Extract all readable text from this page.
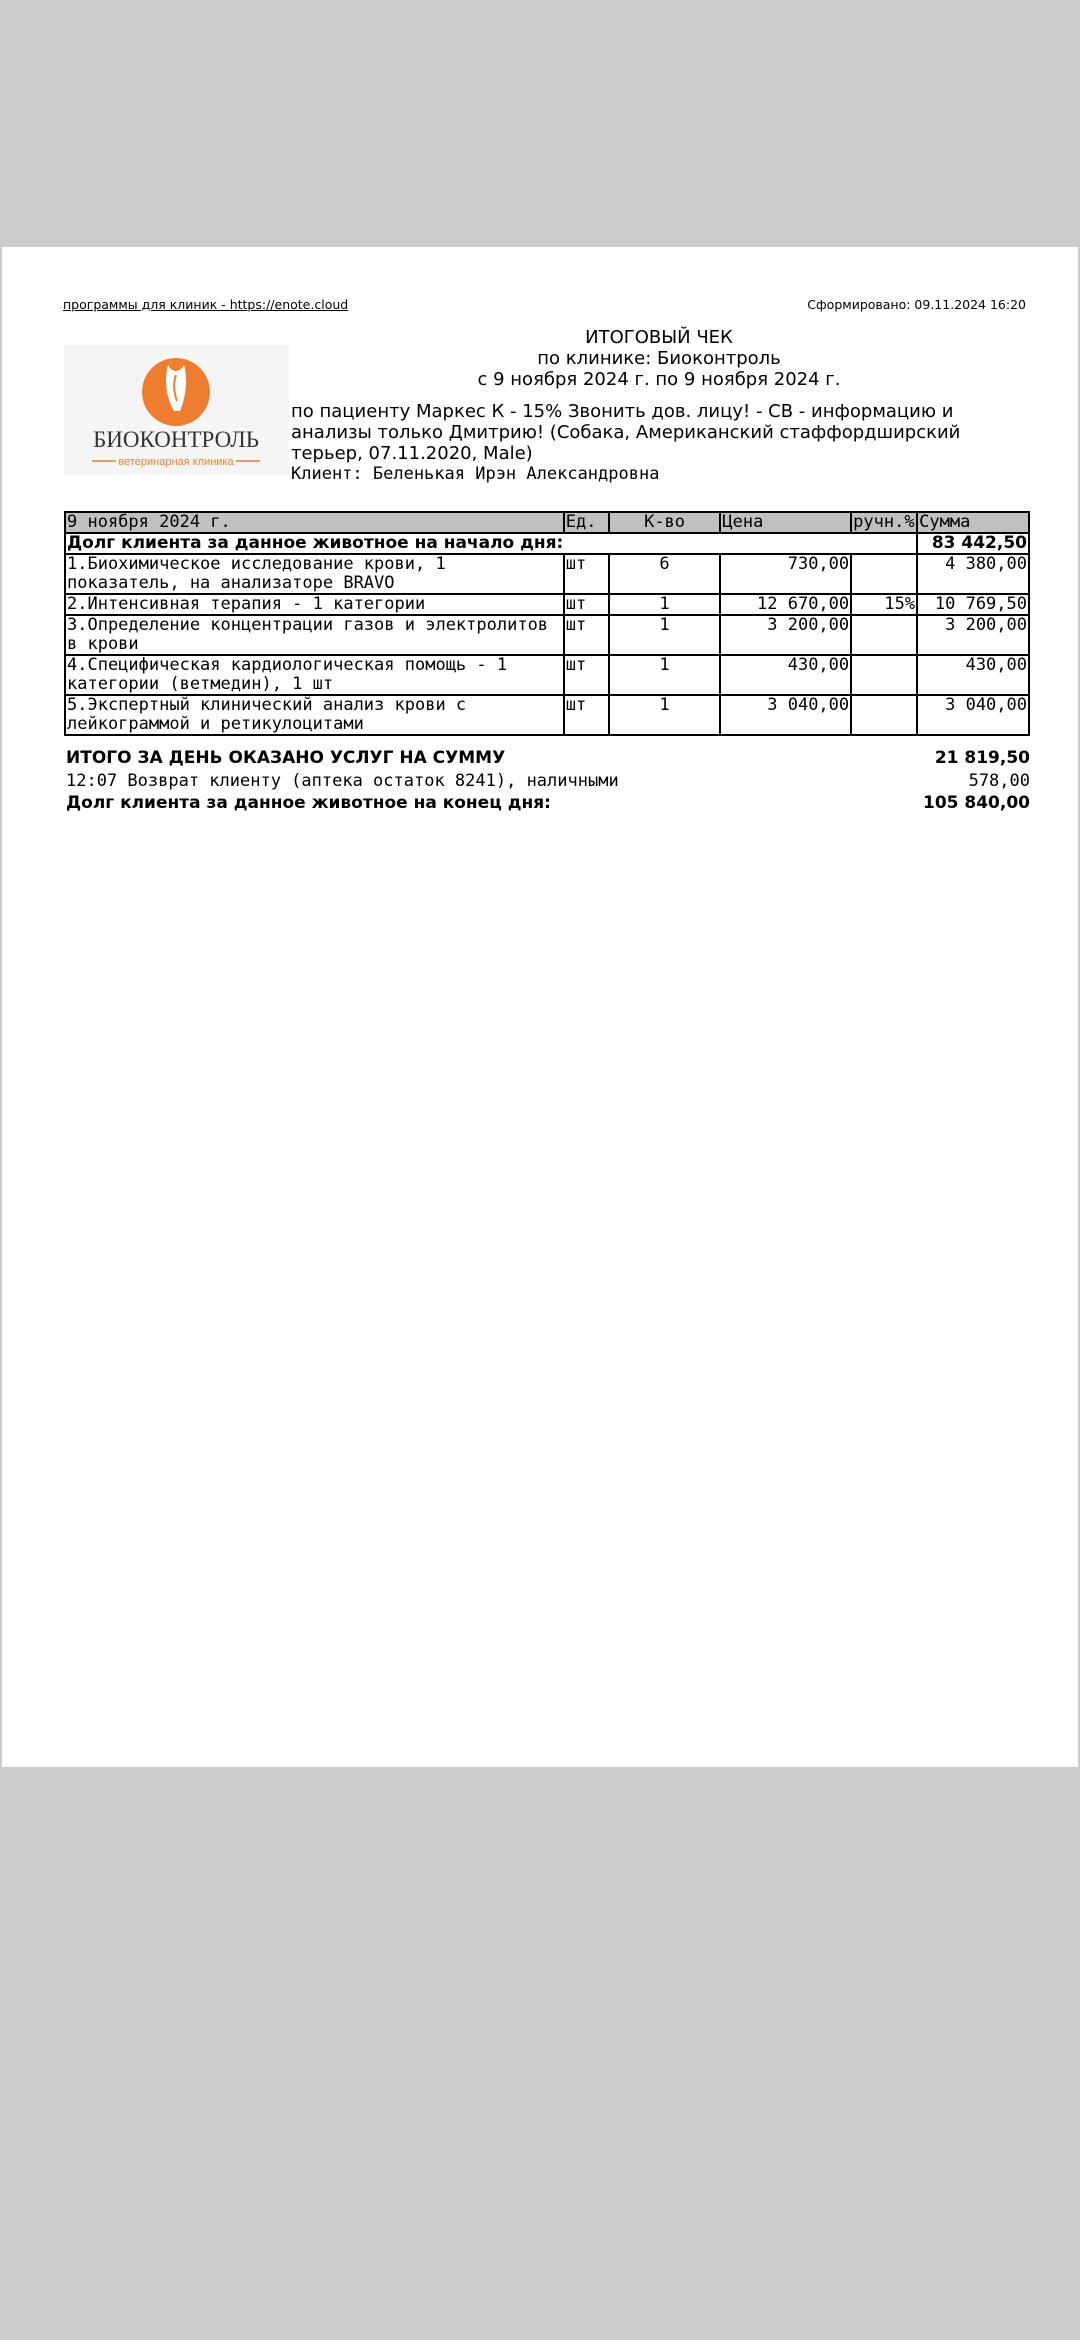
программы для клиник - https://enote.cloud	Сформировано: 09.11.2024 16:20
БИОКОНТРОЛЬ
ветеринарная клиника
ИТОГОВЫЙ ЧЕК
по клинике: Биоконтроль
с 9 ноября 2024 г. по 9 ноября 2024 г.
по пациенту Маркес К - 15% Звонить дов. лицу! - СВ - информацию и анализы только Дмитрию! (Собака, Американский стаффордширский терьер, 07.11.2020, Male)
Клиент: Беленькая Ирэн Александровна
9 ноября 2024 г.	Ед.	К-во	Цена	ручн.%	Сумма
Долг клиента за данное животное на начало дня:					83 442,50
1.Биохимическое исследование крови, 1 показатель, на анализаторе BRAVO	шт	6	730,00		4 380,00
2.Интенсивная терапия - 1 категории	шт	1	12 670,00	15%	10 769,50
3.Определение концентрации газов и электролитов в крови	шт	1	3 200,00		3 200,00
4.Специфическая кардиологическая помощь - 1 категории (ветмедин), 1 шт	шт	1	430,00		430,00
5.Экспертный клинический анализ крови с лейкограммой и ретикулоцитами	шт	1	3 040,00		3 040,00
ИТОГО ЗА ДЕНЬ ОКАЗАНО УСЛУГ НА СУММУ	21 819,50
12:07 Возврат клиенту (аптека остаток 8241), наличными	578,00
Долг клиента за данное животное на конец дня:	105 840,00
